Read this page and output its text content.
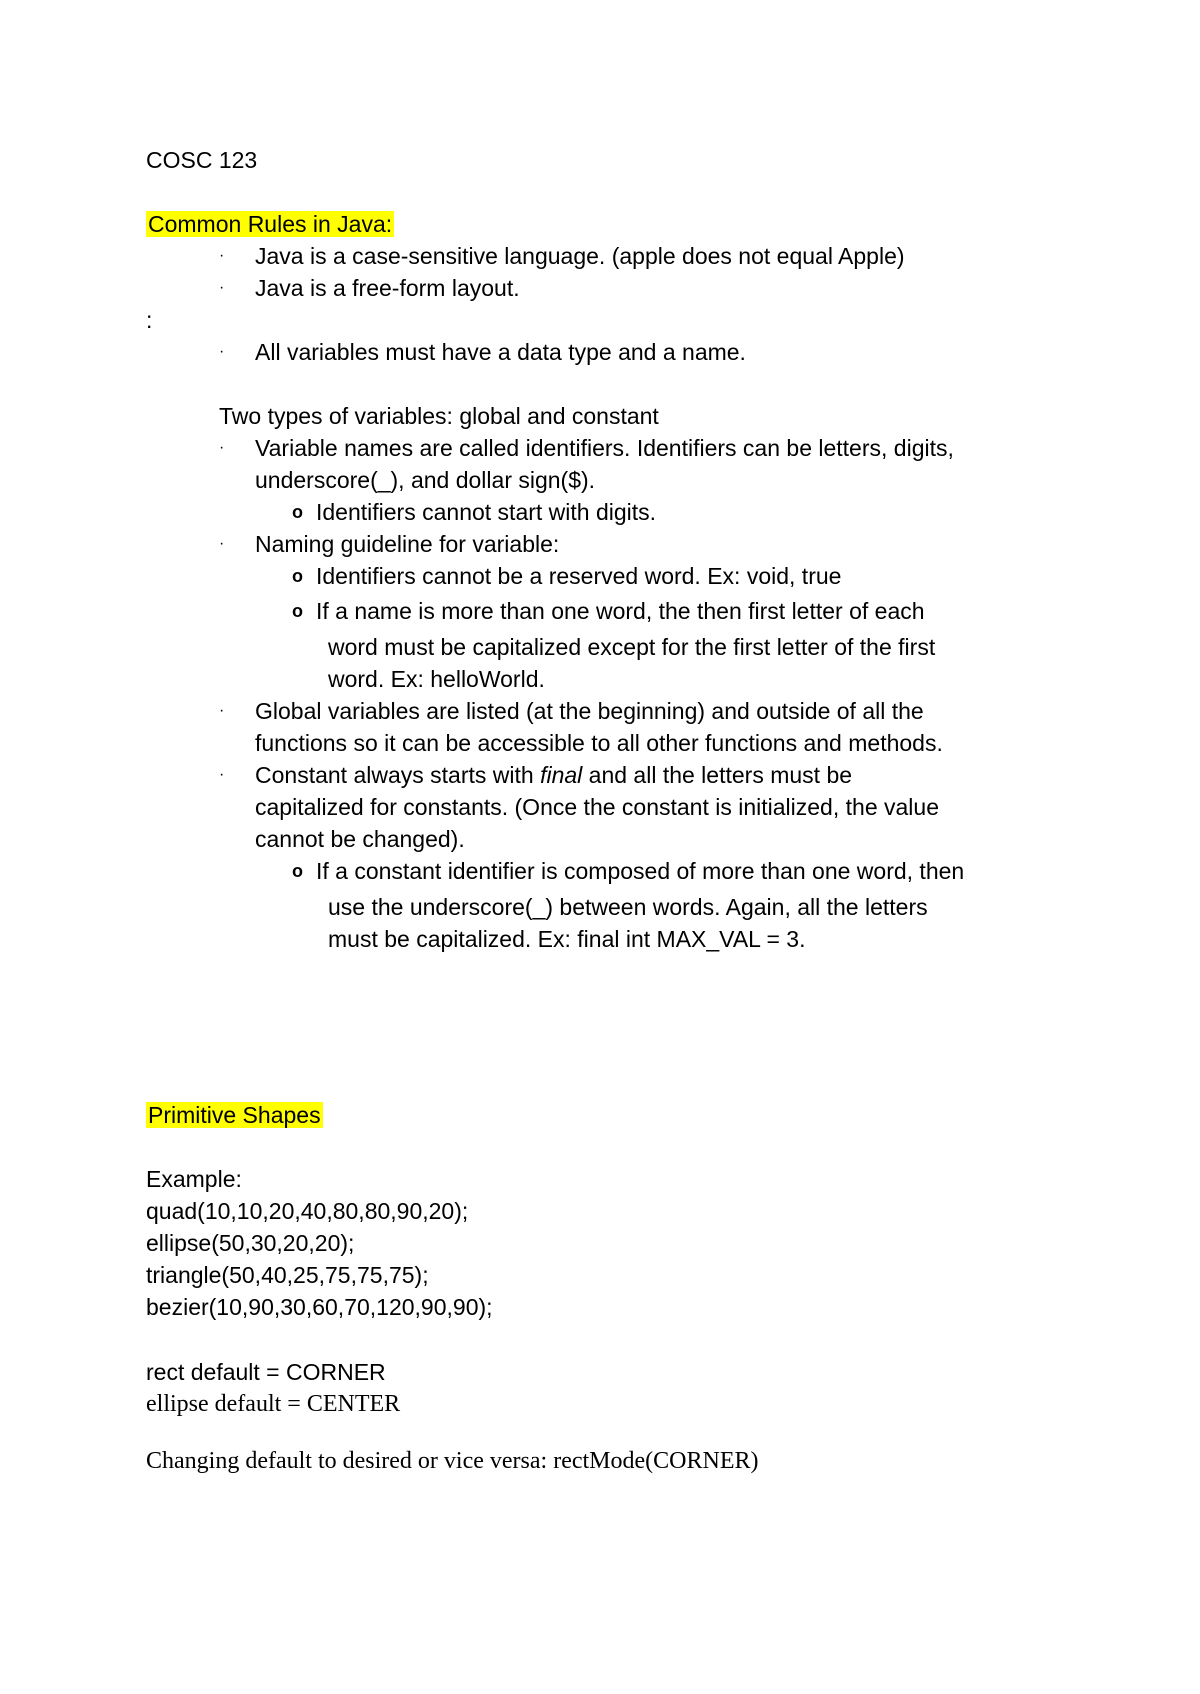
COSC 123
Common Rules in Java:
· Java is a case-sensitive language. (apple does not equal Apple)
· Java is a free-form layout.
:
· All variables must have a data type and a name.
Two types of variables: global and constant
· Variable names are called identifiers. Identifiers can be letters, digits,
underscore(_), and dollar sign($).
o Identifiers cannot start with digits.
· Naming guideline for variable:
o Identifiers cannot be a reserved word. Ex: void, true
o If a name is more than one word, the then first letter of each
word must be capitalized except for the first letter of the first
word. Ex: helloWorld.
· Global variables are listed (at the beginning) and outside of all the
functions so it can be accessible to all other functions and methods.
· Constant always starts with final and all the letters must be
capitalized for constants. (Once the constant is initialized, the value
cannot be changed).
o If a constant identifier is composed of more than one word, then
use the underscore(_) between words. Again, all the letters
must be capitalized. Ex: final int MAX_VAL = 3.
Primitive Shapes
Example:
quad(10,10,20,40,80,80,90,20);
ellipse(50,30,20,20);
triangle(50,40,25,75,75,75);
bezier(10,90,30,60,70,120,90,90);
rect default = CORNER
ellipse default = CENTER
Changing default to desired or vice versa: rectMode(CORNER)
